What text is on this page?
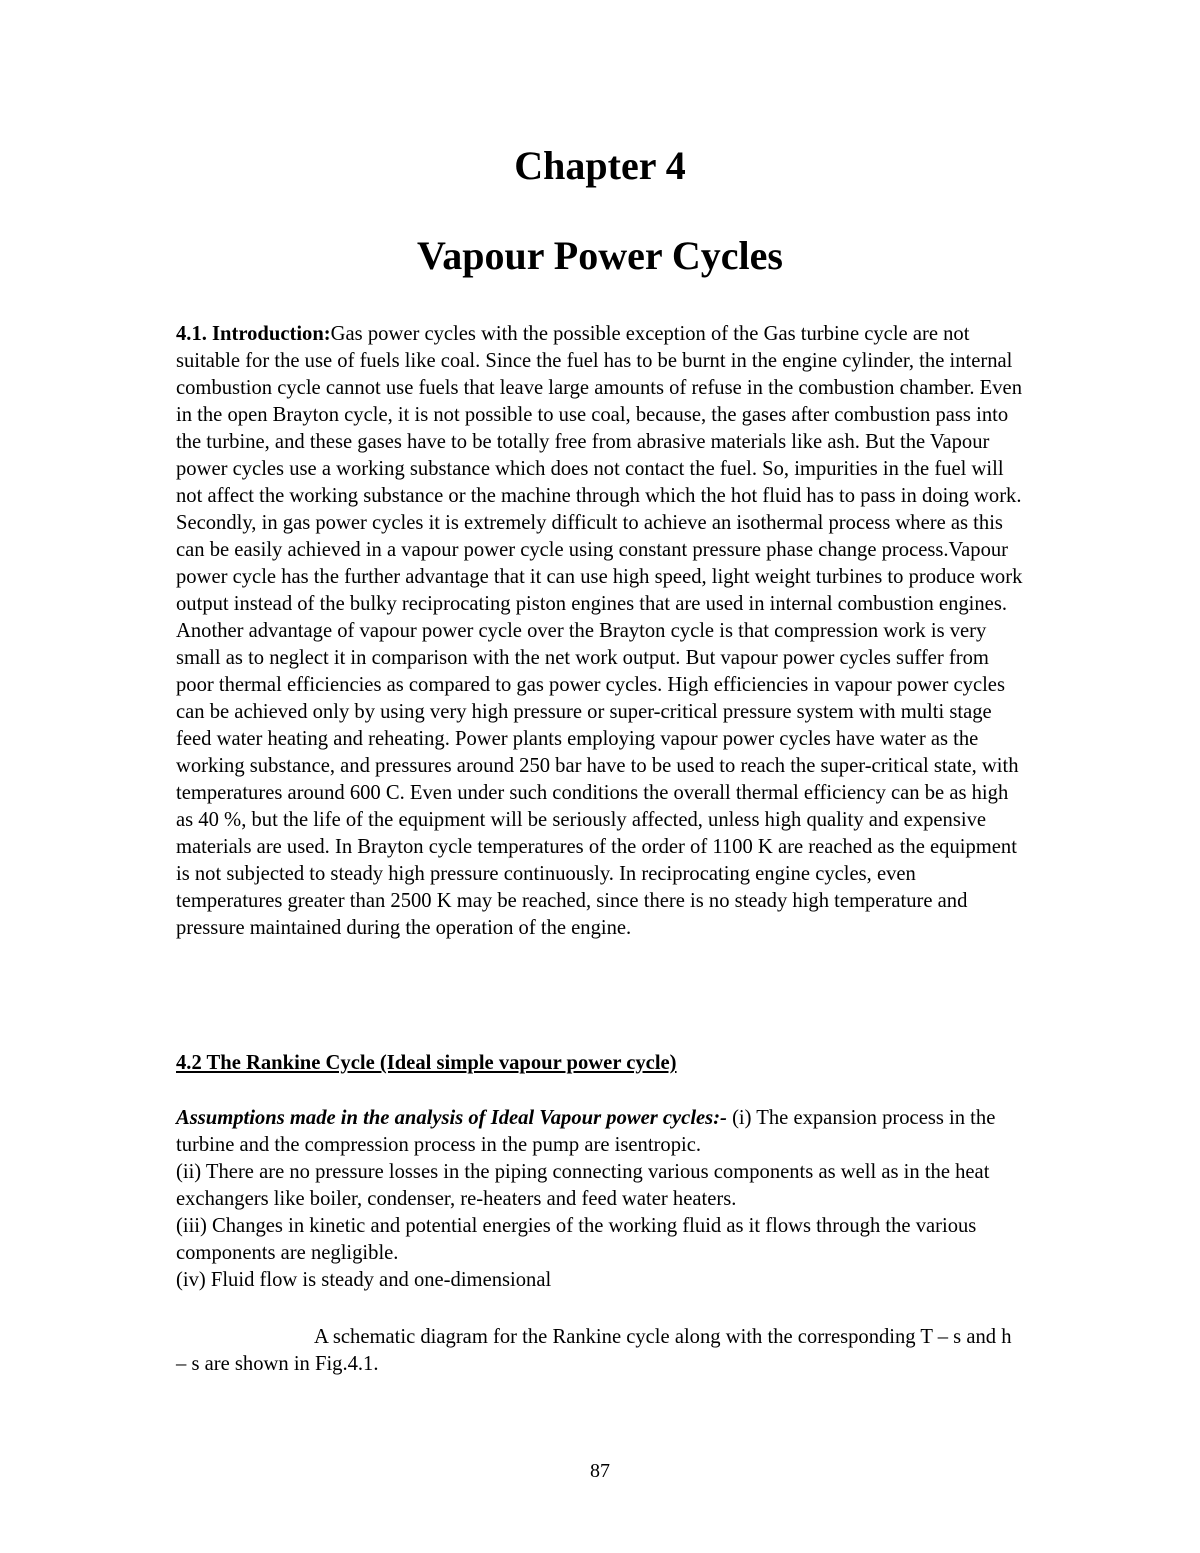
Chapter 4
Vapour Power Cycles

4.1. Introduction:Gas power cycles with the possible exception of the Gas turbine cycle are not suitable for the use of fuels like coal. Since the fuel has to be burnt in the engine cylinder, the internal combustion cycle cannot use fuels that leave large amounts of refuse in the combustion chamber. Even in the open Brayton cycle, it is not possible to use coal, because, the gases after combustion pass into the turbine, and these gases have to be totally free from abrasive materials like ash. But the Vapour power cycles use a working substance which does not contact the fuel. So, impurities in the fuel will not affect the working substance or the machine through which the hot fluid has to pass in doing work. Secondly, in gas power cycles it is extremely difficult to achieve an isothermal process where as this can be easily achieved in a vapour power cycle using constant pressure phase change process.Vapour power cycle has the further advantage that it can use high speed, light weight turbines to produce work output instead of the bulky reciprocating piston engines that are used in internal combustion engines. Another advantage of vapour power cycle over the Brayton cycle is that compression work is very small as to neglect it in comparison with the net work output. But vapour power cycles suffer from poor thermal efficiencies as compared to gas power cycles. High efficiencies in vapour power cycles can be achieved only by using very high pressure or super-critical pressure system with multi stage feed water heating and reheating. Power plants employing vapour power cycles have water as the working substance, and pressures around 250 bar have to be used to reach the super-critical state, with temperatures around 600 C. Even under such conditions the overall thermal efficiency can be as high as 40 %, but the life of the equipment will be seriously affected, unless high quality and expensive materials are used. In Brayton cycle temperatures of the order of 1100 K are reached as the equipment is not subjected to steady high pressure continuously. In reciprocating engine cycles, even temperatures greater than 2500 K may be reached, since there is no steady high temperature and pressure maintained during the operation of the engine.

4.2 The Rankine Cycle (Ideal simple vapour power cycle)

Assumptions made in the analysis of Ideal Vapour power cycles:- (i) The expansion process in the turbine and the compression process in the pump are isentropic.

(ii) There are no pressure losses in the piping connecting various components as well as in the heat exchangers like boiler, condenser, re-heaters and feed water heaters.

(iii) Changes in kinetic and potential energies of the working fluid as it flows through the various components are negligible.

(iv) Fluid flow is steady and one-dimensional

A schematic diagram for the Rankine cycle along with the corresponding T – s and h – s are shown in Fig.4.1.

87
